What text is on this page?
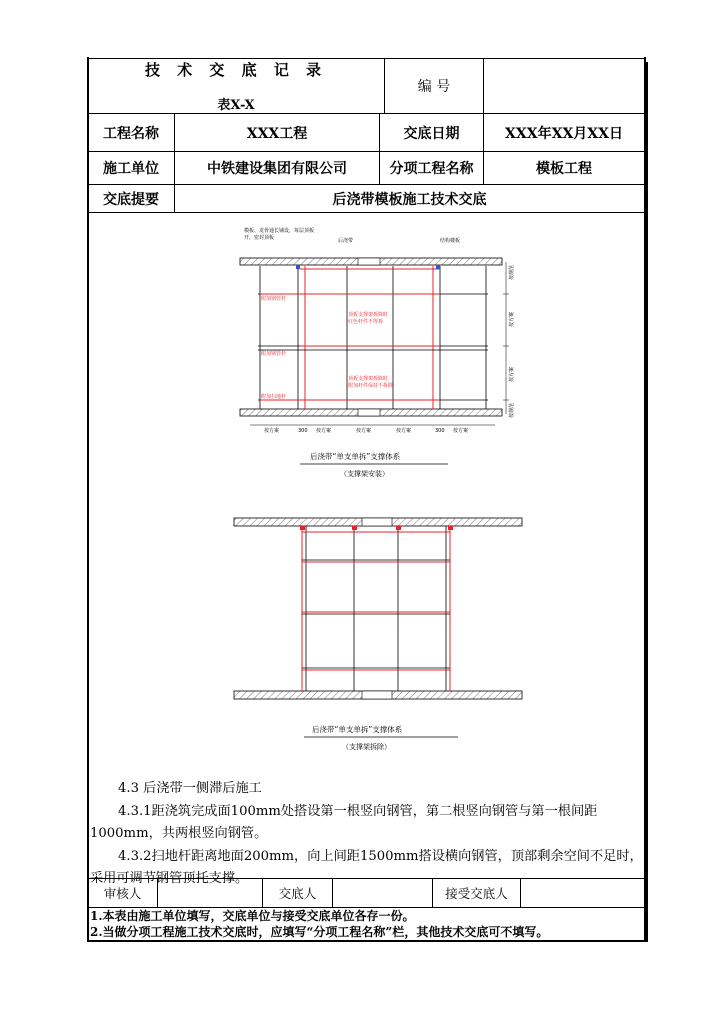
技 术 交 底 记 录
表X-X
编 号			

工程名称	XXX工程	交底日期	XXX年XX月XX日
施工单位	中铁建设集团有限公司	分项工程名称	模板工程
交底提要	后浇带模板施工技术交底		
模板、龙骨通长铺设，每层顶板
开，密封顶板	后浇带	结构楼板
附加钢管杆
附加钢管杆
附加扫地杆
顶板支撑架拆除时
红色杆件不得拆
顶板支撑架拆除时
附加杆件保持不拆除
按规范
按方案
按方案
按规范
按方案	300 按方案	按方案	按方案	300 按方案
后浇带“单支单拆”支撑体系
（支撑架安装）
后浇带“单支单拆”支撑体系
（支撑架拆除）

4.3 后浇带一侧滞后施工

4.3.1距浇筑完成面100mm处搭设第一根竖向钢管，第二根竖向钢管与第一根间距1000mm，共两根竖向钢管。

4.3.2扫地杆距离地面200mm，向上间距1500mm搭设横向钢管，顶部剩余空间不足时，采用可调节钢管顶托支撑。

审核人		交底人		接受交底人	

1.本表由施工单位填写，交底单位与接受交底单位各存一份。

2.当做分项工程施工技术交底时，应填写“分项工程名称”栏，其他技术交底可不填写。
